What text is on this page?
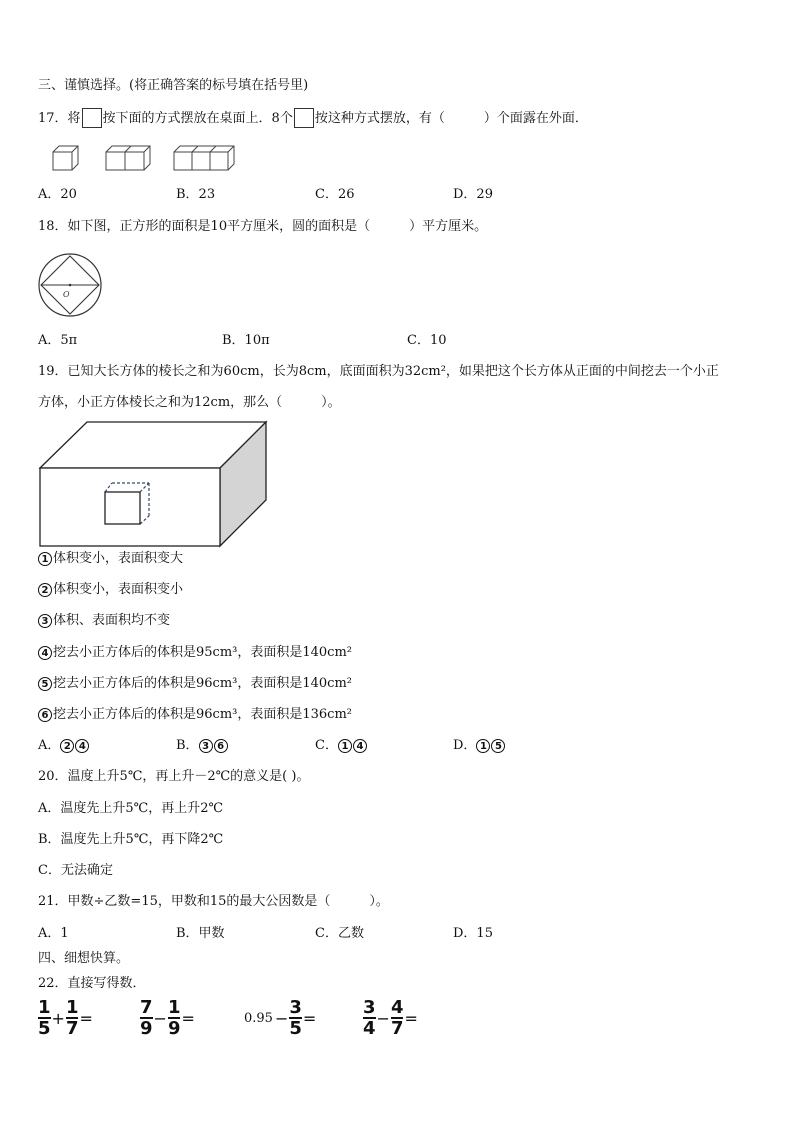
三、谨慎选择。(将正确答案的标号填在括号里)
17．将 按下面的方式摆放在桌面上．8个 按这种方式摆放，有（　　　）个面露在外面．
A．20	B．23	C．26	D．29
18．如下图，正方形的面积是10平方厘米，圆的面积是（　　　）平方厘米。
O
A．5π	B．10π	C．10
19．已知大长方体的棱长之和为60cm，长为8cm，底面面积为32cm²，如果把这个长方体从正面的中间挖去一个小正
方体，小正方体棱长之和为12cm，那么（　　　）。
1 体积变小，表面积变大
2 体积变小，表面积变小
3 体积、表面积均不变
4 挖去小正方体后的体积是95cm³，表面积是140cm²
5 挖去小正方体后的体积是96cm³，表面积是140cm²
6 挖去小正方体后的体积是96cm³，表面积是136cm²
A． 2 4	B． 3 6	C． 1 4	D． 1 5
20．温度上升5℃，再上升－2℃的意义是( )。
A．温度先上升5℃，再上升2℃
B．温度先上升5℃，再下降2℃
C．无法确定
21．甲数÷乙数=15，甲数和15的最大公因数是（　　　）。
A．1	B．甲数	C．乙数	D．15
四、细想快算。
22．直接写得数．
$\frac{1}{5} + \frac{1}{7}$ =	$\frac{7}{9} - \frac{1}{9}$ =	$0.95 - \frac{3}{5}$ =	$\frac{3}{4} - \frac{4}{7}$ =
